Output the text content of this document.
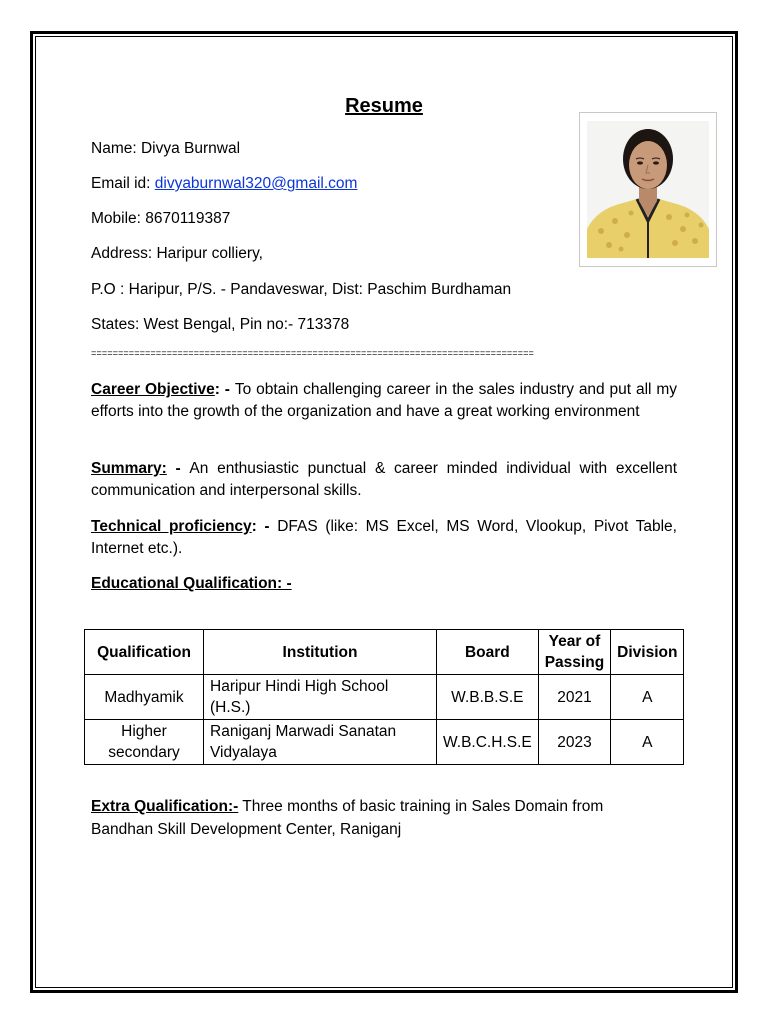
Resume
Name: Divya Burnwal
Email id: divyaburnwal320@gmail.com
Mobile: 8670119387
Address: Haripur colliery,
P.O : Haripur, P/S. - Pandaveswar, Dist: Paschim Burdhaman
States: West Bengal, Pin no:- 713378
==================================================================================
Career Objective: - To obtain challenging career in the sales industry and put all my efforts into the growth of the organization and have a great working environment
Summary: - An enthusiastic punctual & career minded individual with excellent communication and interpersonal skills.
Technical proficiency: - DFAS (like: MS Excel, MS Word, Vlookup, Pivot Table, Internet etc.).
Educational Qualification: -
Qualification	Institution	Board	Year of Passing	Division
Madhyamik	Haripur Hindi High School (H.S.)	W.B.B.S.E	2021	A
Higher secondary	Raniganj Marwadi Sanatan Vidyalaya	W.B.C.H.S.E	2023	A
Extra Qualification:- Three months of basic training in Sales Domain from Bandhan Skill Development Center, Raniganj
